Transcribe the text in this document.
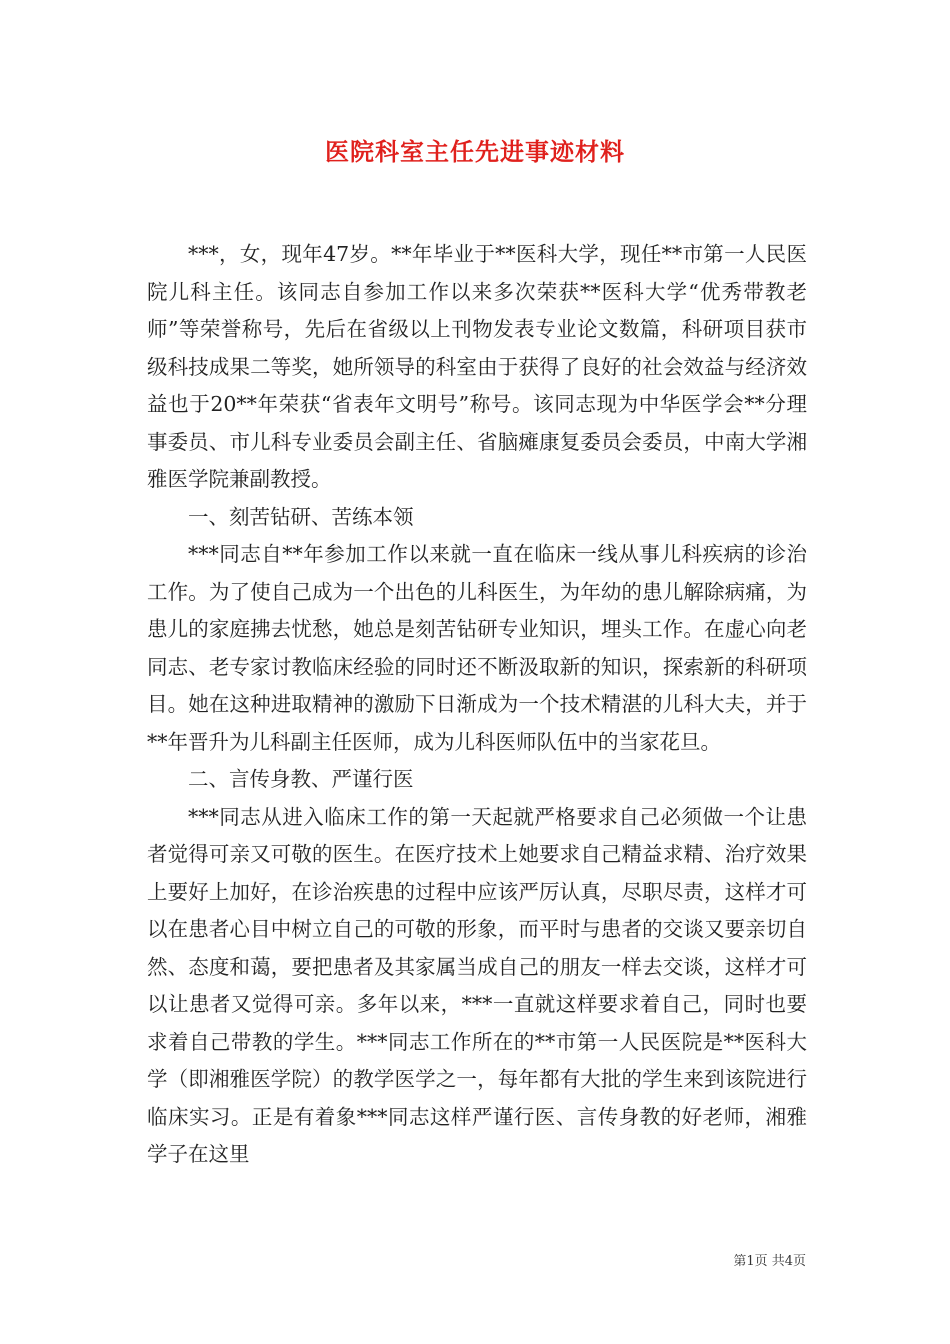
医院科室主任先进事迹材料

***，女，现年47岁。**年毕业于**医科大学，现任**市第一人民医院儿科主任。该同志自参加工作以来多次荣获**医科大学“优秀带教老师”等荣誉称号，先后在省级以上刊物发表专业论文数篇，科研项目获市级科技成果二等奖，她所领导的科室由于获得了良好的社会效益与经济效益也于20**年荣获“省表年文明号”称号。该同志现为中华医学会**分理事委员、市儿科专业委员会副主任、省脑瘫康复委员会委员，中南大学湘雅医学院兼副教授。

一、刻苦钻研、苦练本领

***同志自**年参加工作以来就一直在临床一线从事儿科疾病的诊治工作。为了使自己成为一个出色的儿科医生，为年幼的患儿解除病痛，为患儿的家庭拂去忧愁，她总是刻苦钻研专业知识，埋头工作。在虚心向老同志、老专家讨教临床经验的同时还不断汲取新的知识，探索新的科研项目。她在这种进取精神的激励下日渐成为一个技术精湛的儿科大夫，并于**年晋升为儿科副主任医师，成为儿科医师队伍中的当家花旦。

二、言传身教、严谨行医

***同志从进入临床工作的第一天起就严格要求自己必须做一个让患者觉得可亲又可敬的医生。在医疗技术上她要求自己精益求精、治疗效果上要好上加好，在诊治疾患的过程中应该严厉认真，尽职尽责，这样才可以在患者心目中树立自己的可敬的形象，而平时与患者的交谈又要亲切自然、态度和蔼，要把患者及其家属当成自己的朋友一样去交谈，这样才可以让患者又觉得可亲。多年以来，***一直就这样要求着自己，同时也要求着自己带教的学生。***同志工作所在的**市第一人民医院是**医科大学（即湘雅医学院）的教学医学之一，每年都有大批的学生来到该院进行临床实习。正是有着象***同志这样严谨行医、言传身教的好老师，湘雅学子在这里

第1页 共4页
